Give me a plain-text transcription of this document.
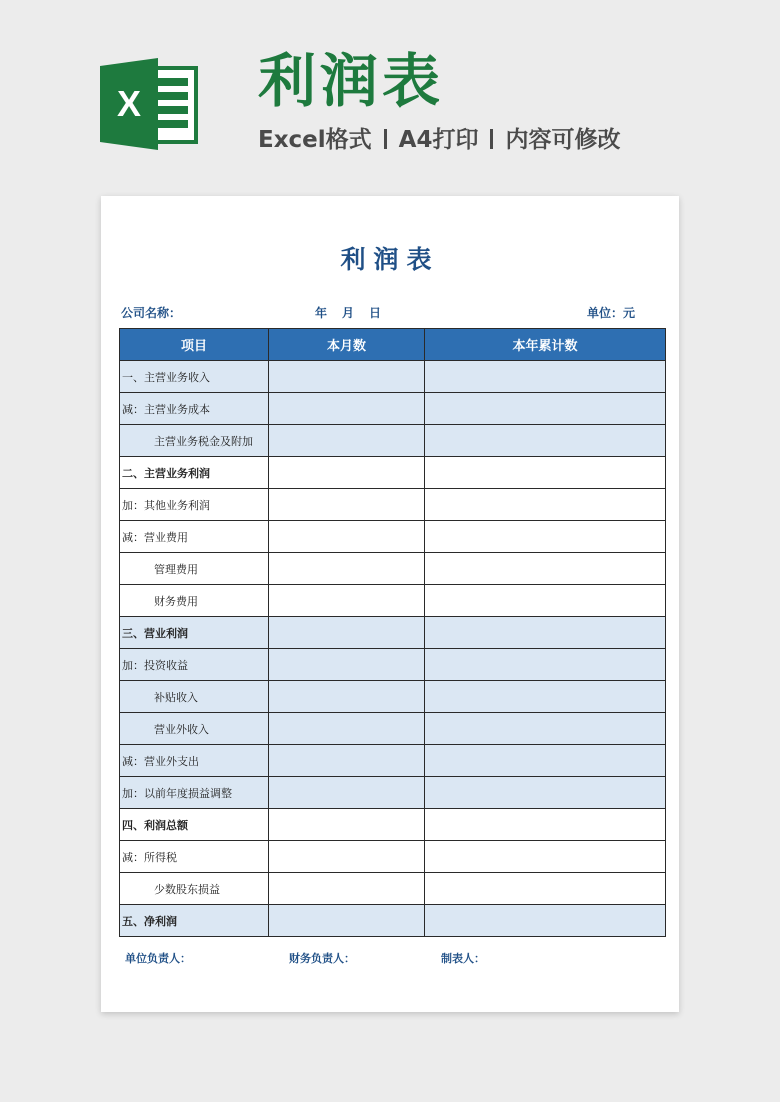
X 利润表
Excel格式 A4打印 内容可修改
利润表
公司名称：	年 月 日	单位：元
项目	本月数	本年累计数
一、主营业务收入		
减：主营业务成本		
主营业务税金及附加		
二、主营业务利润		
加：其他业务利润		
减：营业费用		
管理费用		
财务费用		
三、营业利润		
加：投资收益		
补贴收入		
营业外收入		
减：营业外支出		
加：以前年度损益调整		
四、利润总额		
减：所得税		
少数股东损益		
五、净利润		
单位负责人：	财务负责人：	制表人：
